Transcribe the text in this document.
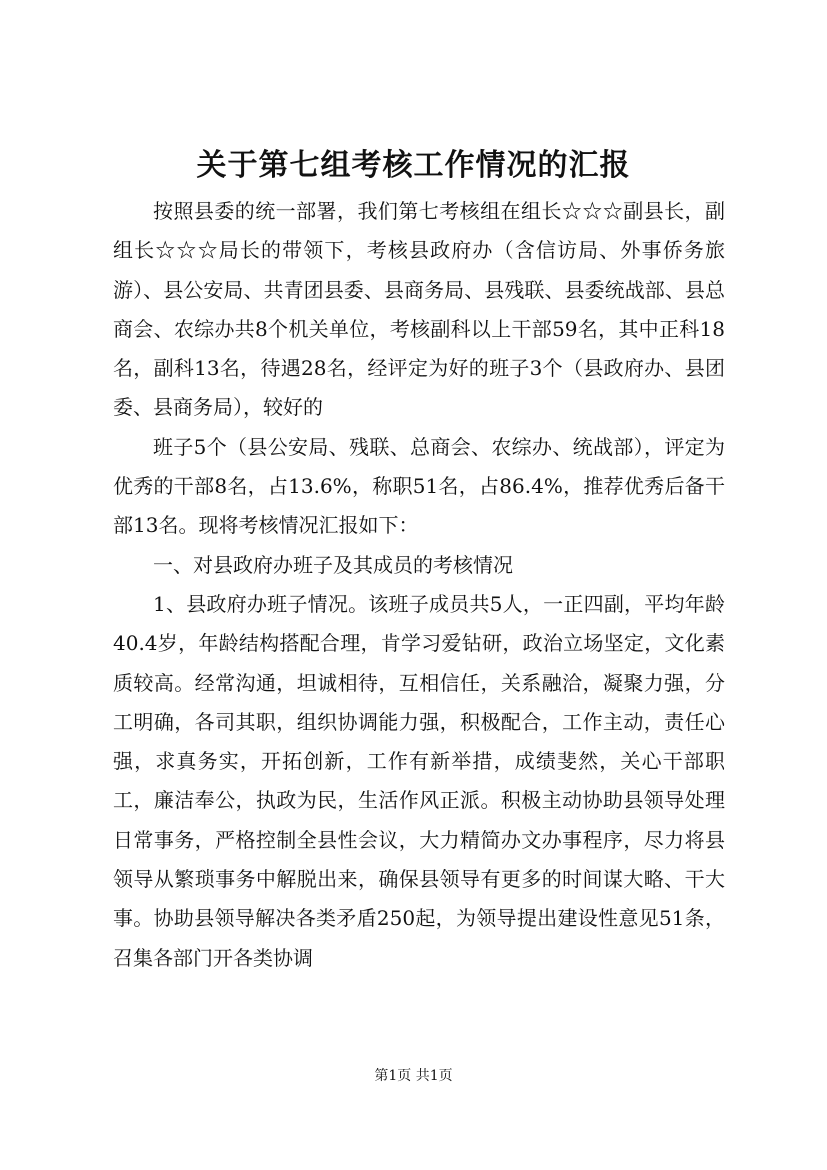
关于第七组考核工作情况的汇报

按照县委的统一部署，我们第七考核组在组长☆☆☆副县长，副组长☆☆☆局长的带领下，考核县政府办（含信访局、外事侨务旅游）、县公安局、共青团县委、县商务局、县残联、县委统战部、县总商会、农综办共8个机关单位，考核副科以上干部59名，其中正科18名，副科13名，待遇28名，经评定为好的班子3个（县政府办、县团委、县商务局），较好的

班子5个（县公安局、残联、总商会、农综办、统战部），评定为优秀的干部8名，占13.6%，称职51名，占86.4%，推荐优秀后备干部13名。现将考核情况汇报如下：

一、对县政府办班子及其成员的考核情况

1、县政府办班子情况。该班子成员共5人，一正四副，平均年龄40.4岁，年龄结构搭配合理，肯学习爱钻研，政治立场坚定，文化素质较高。经常沟通，坦诚相待，互相信任，关系融洽，凝聚力强，分工明确，各司其职，组织协调能力强，积极配合，工作主动，责任心强，求真务实，开拓创新，工作有新举措，成绩斐然，关心干部职工，廉洁奉公，执政为民，生活作风正派。积极主动协助县领导处理日常事务，严格控制全县性会议，大力精简办文办事程序，尽力将县领导从繁琐事务中解脱出来，确保县领导有更多的时间谋大略、干大事。协助县领导解决各类矛盾250起，为领导提出建设性意见51条，召集各部门开各类协调

第1页 共1页
